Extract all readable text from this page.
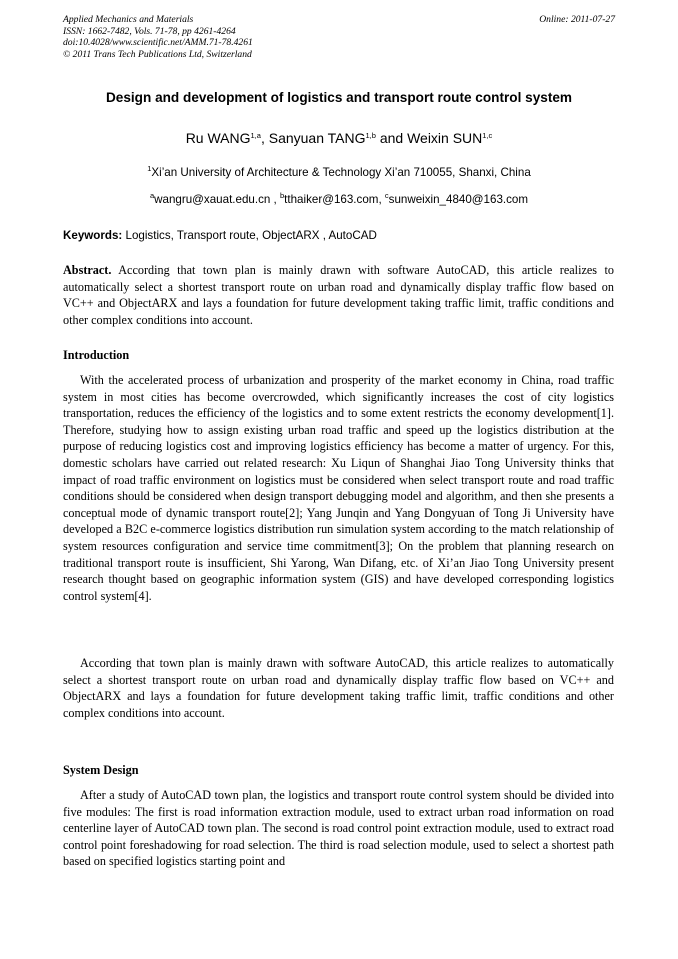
Applied Mechanics and Materials
ISSN: 1662-7482, Vols. 71-78, pp 4261-4264
doi:10.4028/www.scientific.net/AMM.71-78.4261
© 2011 Trans Tech Publications Ltd, Switzerland
Online: 2011-07-27
Design and development of logistics and transport route control system
Ru WANG$^{1,a}$, Sanyuan TANG$^{1,b}$ and Weixin SUN$^{1,c}$
$^1$Xi’an University of Architecture & Technology Xi’an 710055, Shanxi, China
$^a$wangru@xauat.edu.cn , $^b$tthaiker@163.com, $^c$sunweixin_4840@163.com
Keywords: Logistics, Transport route, ObjectARX , AutoCAD
Abstract. According that town plan is mainly drawn with software AutoCAD, this article realizes to automatically select a shortest transport route on urban road and dynamically display traffic flow based on VC++ and ObjectARX and lays a foundation for future development taking traffic limit, traffic conditions and other complex conditions into account.
Introduction
With the accelerated process of urbanization and prosperity of the market economy in China, road traffic system in most cities has become overcrowded, which significantly increases the cost of city logistics transportation, reduces the efficiency of the logistics and to some extent restricts the economy development[1]. Therefore, studying how to assign existing urban road traffic and speed up the logistics distribution at the purpose of reducing logistics cost and improving logistics efficiency has become a matter of urgency. For this, domestic scholars have carried out related research: Xu Liqun of Shanghai Jiao Tong University thinks that impact of road traffic environment on logistics must be considered when select transport route and road traffic conditions should be considered when design transport debugging model and algorithm, and then she presents a conceptual mode of dynamic transport route[2]; Yang Junqin and Yang Dongyuan of Tong Ji University have developed a B2C e-commerce logistics distribution run simulation system according to the match relationship of system resources configuration and service time commitment[3]; On the problem that planning research on traditional transport route is insufficient, Shi Yarong, Wan Difang, etc. of Xi’an Jiao Tong University present research thought based on geographic information system (GIS) and have developed corresponding logistics control system[4].
According that town plan is mainly drawn with software AutoCAD, this article realizes to automatically select a shortest transport route on urban road and dynamically display traffic flow based on VC++ and ObjectARX and lays a foundation for future development taking traffic limit, traffic conditions and other complex conditions into account.
System Design
After a study of AutoCAD town plan, the logistics and transport route control system should be divided into five modules: The first is road information extraction module, used to extract urban road information on road centerline layer of AutoCAD town plan. The second is road control point extraction module, used to extract road control point foreshadowing for road selection. The third is road selection module, used to select a shortest path based on specified logistics starting point and
